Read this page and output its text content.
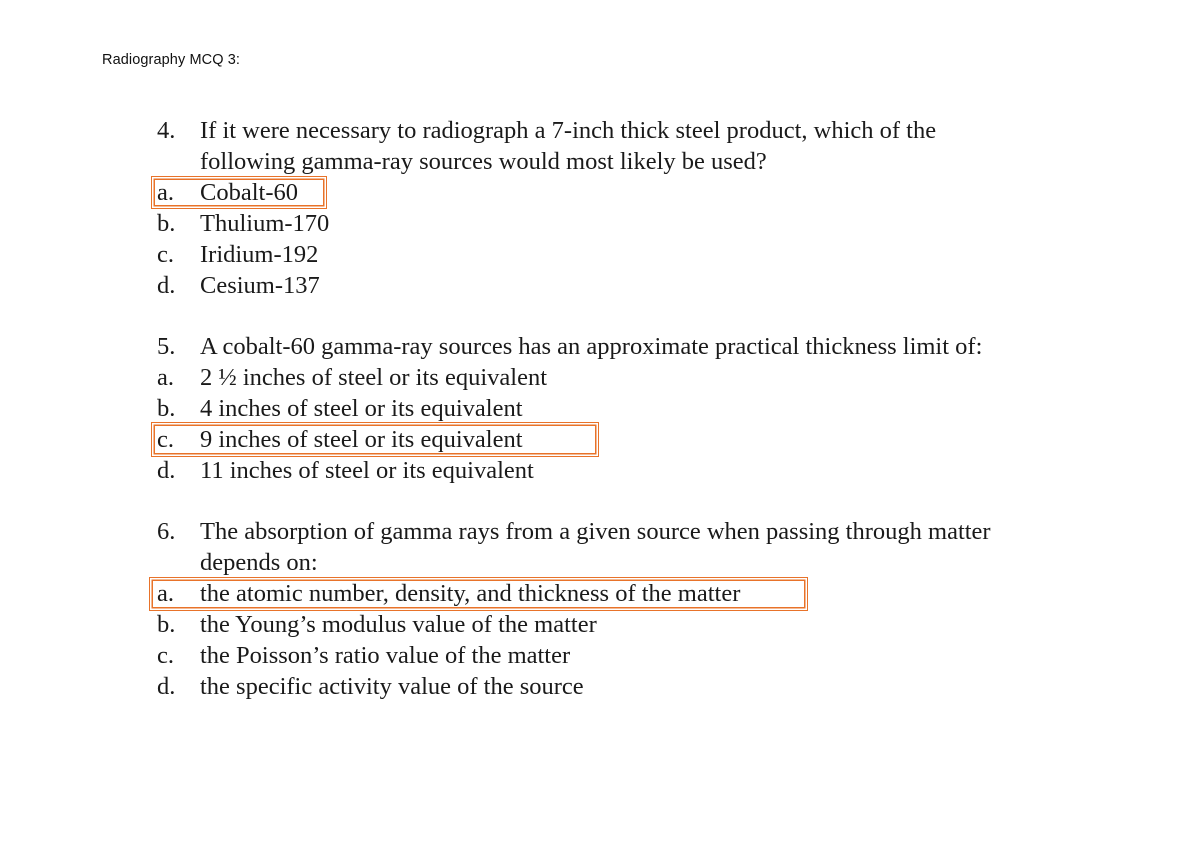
Radiography MCQ 3:
4. If it were necessary to radiograph a 7-inch thick steel product, which of the
following gamma-ray sources would most likely be used?
a. Cobalt-60
b. Thulium-170
c. Iridium-192
d. Cesium-137
5. A cobalt-60 gamma-ray sources has an approximate practical thickness limit of:
a. 2 ½ inches of steel or its equivalent
b. 4 inches of steel or its equivalent
c. 9 inches of steel or its equivalent
d. 11 inches of steel or its equivalent
6. The absorption of gamma rays from a given source when passing through matter
depends on:
a. the atomic number, density, and thickness of the matter
b. the Young’s modulus value of the matter
c. the Poisson’s ratio value of the matter
d. the specific activity value of the source
